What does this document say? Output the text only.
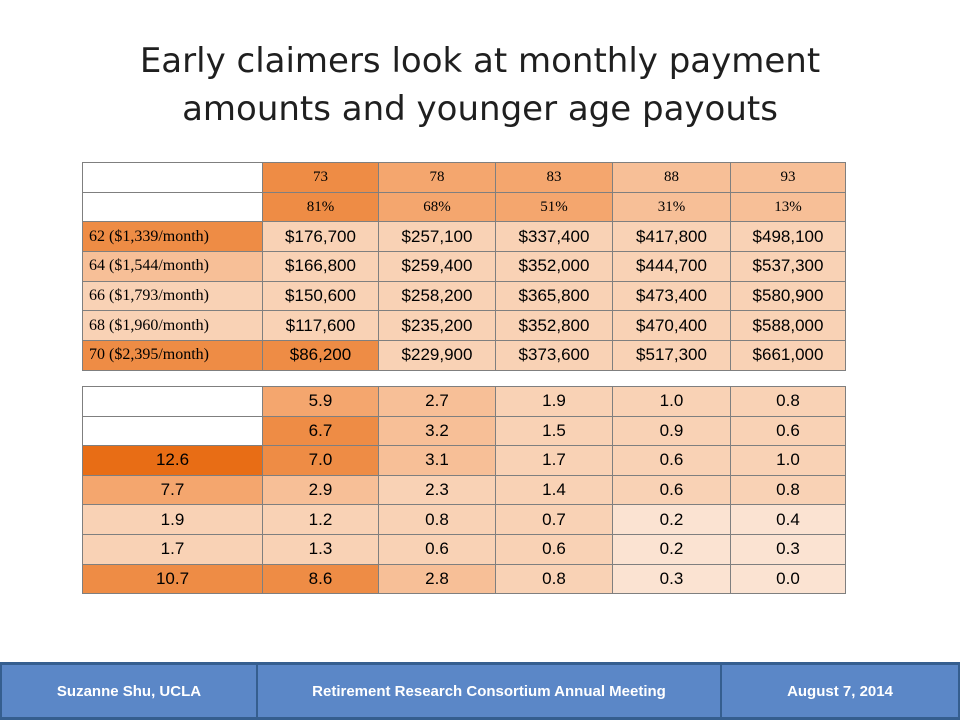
Early claimers look at monthly payment
amounts and younger age payouts
	73	78	83	88	93
	81%	68%	51%	31%	13%
62 ($1,339/month)	$176,700	$257,100	$337,400	$417,800	$498,100
64 ($1,544/month)	$166,800	$259,400	$352,000	$444,700	$537,300
66 ($1,793/month)	$150,600	$258,200	$365,800	$473,400	$580,900
68 ($1,960/month)	$117,600	$235,200	$352,800	$470,400	$588,000
70 ($2,395/month)	$86,200	$229,900	$373,600	$517,300	$661,000
	5.9	2.7	1.9	1.0	0.8
	6.7	3.2	1.5	0.9	0.6
12.6	7.0	3.1	1.7	0.6	1.0
7.7	2.9	2.3	1.4	0.6	0.8
1.9	1.2	0.8	0.7	0.2	0.4
1.7	1.3	0.6	0.6	0.2	0.3
10.7	8.6	2.8	0.8	0.3	0.0
Suzanne Shu, UCLA	Retirement Research Consortium Annual Meeting	August 7, 2014
